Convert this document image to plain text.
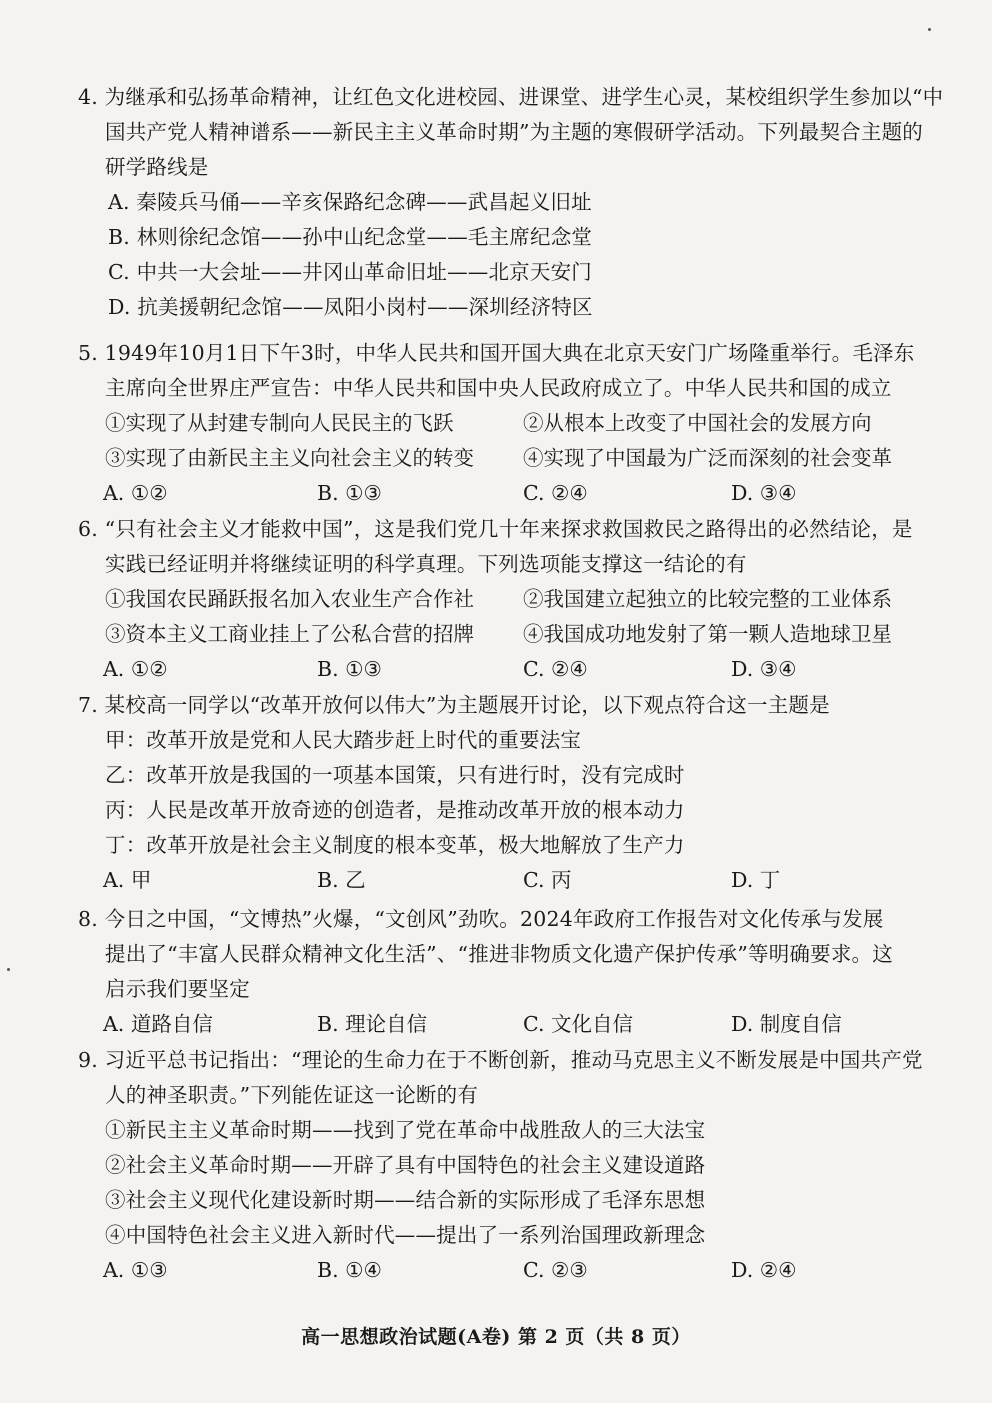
4. 为继承和弘扬革命精神，让红色文化进校园、进课堂、进学生心灵，某校组织学生参加以“中
国共产党人精神谱系——新民主主义革命时期”为主题的寒假研学活动。下列最契合主题的
研学路线是
A. 秦陵兵马俑——辛亥保路纪念碑——武昌起义旧址
B. 林则徐纪念馆——孙中山纪念堂——毛主席纪念堂
C. 中共一大会址——井冈山革命旧址——北京天安门
D. 抗美援朝纪念馆——凤阳小岗村——深圳经济特区
5. 1949年10月1日下午3时，中华人民共和国开国大典在北京天安门广场隆重举行。毛泽东
主席向全世界庄严宣告：中华人民共和国中央人民政府成立了。中华人民共和国的成立
①实现了从封建专制向人民民主的飞跃	②从根本上改变了中国社会的发展方向
③实现了由新民主主义向社会主义的转变	④实现了中国最为广泛而深刻的社会变革
A. ①②	B. ①③	C. ②④	D. ③④
6. “只有社会主义才能救中国”，这是我们党几十年来探求救国救民之路得出的必然结论，是
实践已经证明并将继续证明的科学真理。下列选项能支撑这一结论的有
①我国农民踊跃报名加入农业生产合作社	②我国建立起独立的比较完整的工业体系
③资本主义工商业挂上了公私合营的招牌	④我国成功地发射了第一颗人造地球卫星
A. ①②	B. ①③	C. ②④	D. ③④
7. 某校高一同学以“改革开放何以伟大”为主题展开讨论，以下观点符合这一主题是
甲：改革开放是党和人民大踏步赶上时代的重要法宝
乙：改革开放是我国的一项基本国策，只有进行时，没有完成时
丙：人民是改革开放奇迹的创造者，是推动改革开放的根本动力
丁：改革开放是社会主义制度的根本变革，极大地解放了生产力
A. 甲	B. 乙	C. 丙	D. 丁
8. 今日之中国，“文博热”火爆，“文创风”劲吹。2024年政府工作报告对文化传承与发展
提出了“丰富人民群众精神文化生活”、“推进非物质文化遗产保护传承”等明确要求。这
启示我们要坚定
A. 道路自信	B. 理论自信	C. 文化自信	D. 制度自信
9. 习近平总书记指出：“理论的生命力在于不断创新，推动马克思主义不断发展是中国共产党
人的神圣职责。”下列能佐证这一论断的有
①新民主主义革命时期——找到了党在革命中战胜敌人的三大法宝
②社会主义革命时期——开辟了具有中国特色的社会主义建设道路
③社会主义现代化建设新时期——结合新的实际形成了毛泽东思想
④中国特色社会主义进入新时代——提出了一系列治国理政新理念
A. ①③	B. ①④	C. ②③	D. ②④
高一思想政治试题(A卷) 第 2 页（共 8 页）
